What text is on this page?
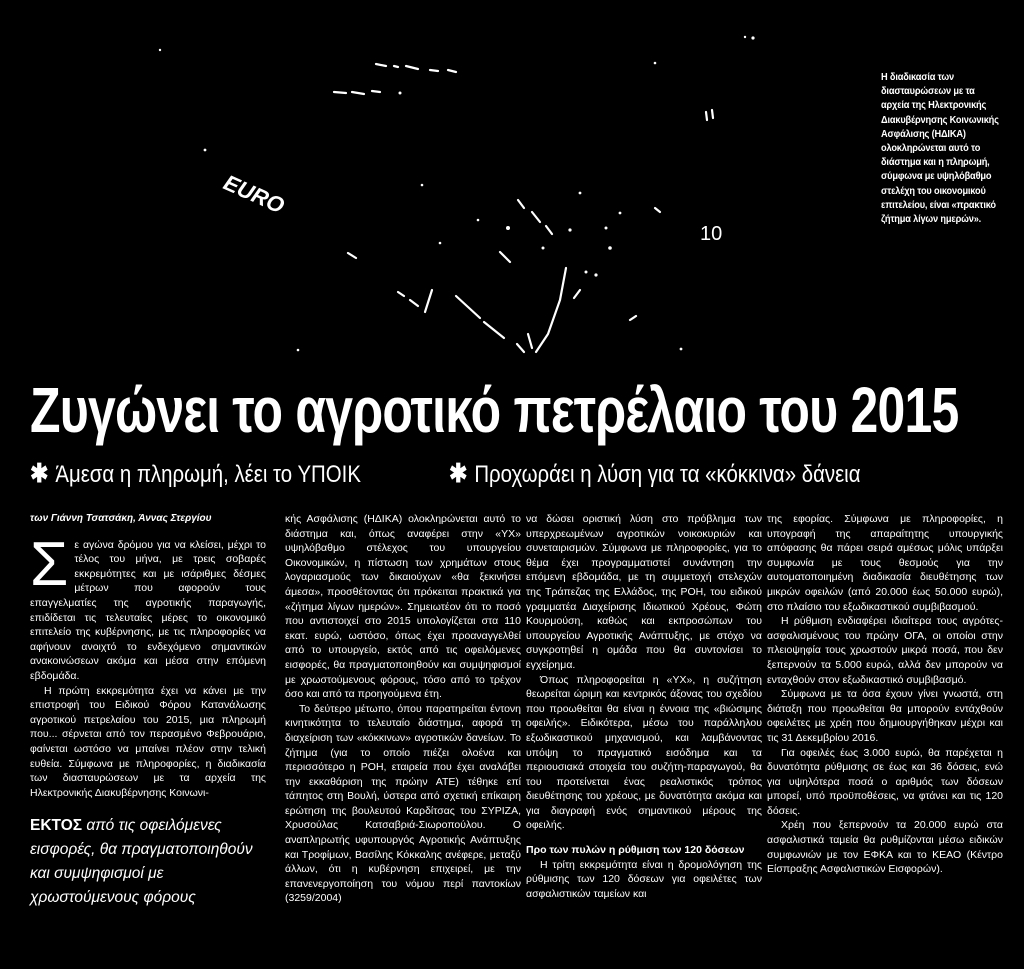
EURO
10
Η διαδικασία των διασταυρώσεων με τα αρχεία της Ηλεκτρονικής Διακυβέρνησης Κοινωνικής Ασφάλισης (ΗΔΙΚΑ) ολοκληρώνεται αυτό το διάστημα και η πληρωμή, σύμφωνα με υψηλόβαθμο στελέχη του οικονομικού επιτελείου, είναι «πρακτικό ζήτημα λίγων ημερών».
Ζυγώνει το αγροτικό πετρέλαιο του 2015
✱ Άμεσα η πληρωμή, λέει το ΥΠΟΙΚ	✱ Προχωράει η λύση για τα «κόκκινα» δάνεια

των Γιάννη Τσατσάκη, Άννας Στεργίου

Σε αγώνα δρόμου για να κλείσει, μέχρι το τέλος του μήνα, με τρεις σοβαρές εκκρεμότητες και με ισάριθμες δέσμες μέτρων που αφορούν τους επαγγελματίες της αγροτικής παραγωγής, επιδίδεται τις τελευταίες μέρες το οικονομικό επιτελείο της κυβέρνησης, με τις πληροφορίες να αφήνουν ανοιχτό το ενδεχόμενο σημαντικών ανακοινώσεων ακόμα και μέσα στην επόμενη εβδομάδα.

Η πρώτη εκκρεμότητα έχει να κάνει με την επιστροφή του Ειδικού Φόρου Κατανάλωσης αγροτικού πετρελαίου του 2015, μια πληρωμή που... σέρνεται από τον περασμένο Φεβρουάριο, φαίνεται ωστόσο να μπαίνει πλέον στην τελική ευθεία. Σύμφωνα με πληροφορίες, η διαδικασία των διασταυρώσεων με τα αρχεία της Ηλεκτρονικής Διακυβέρνησης Κοινωνι-

ΕΚΤΟΣ από τις οφειλόμενες εισφορές, θα πραγματοποιηθούν και συμψηφισμοί με χρωστούμενους φόρους

κής Ασφάλισης (ΗΔΙΚΑ) ολοκληρώνεται αυτό το διάστημα και, όπως αναφέρει στην «ΥΧ» υψηλόβαθμο στέλεχος του υπουργείου Οικονομικών, η πίστωση των χρημάτων στους λογαριασμούς των δικαιούχων «θα ξεκινήσει άμεσα», προσθέτοντας ότι πρόκειται πρακτικά για «ζήτημα λίγων ημερών». Σημειωτέον ότι το ποσό που αντιστοιχεί στο 2015 υπολογίζεται στα 110 εκατ. ευρώ, ωστόσο, όπως έχει προαναγγελθεί από το υπουργείο, εκτός από τις οφειλόμενες εισφορές, θα πραγματοποιηθούν και συμψηφισμοί με χρωστούμενους φόρους, τόσο από το τρέχον όσο και από τα προηγούμενα έτη.

Το δεύτερο μέτωπο, όπου παρατηρείται έντονη κινητικότητα το τελευταίο διάστημα, αφορά τη διαχείριση των «κόκκινων» αγροτικών δανείων. Το ζήτημα (για το οποίο πιέζει ολοένα και περισσότερο η ΡΟΗ, εταιρεία που έχει αναλάβει την εκκαθάριση της πρώην ΑΤΕ) τέθηκε επί τάπητος στη Βουλή, ύστερα από σχετική επίκαιρη ερώτηση της βουλευτού Καρδίτσας του ΣΥΡΙΖΑ, Χρυσούλας Κατσαβριά-Σιωροπούλου. Ο αναπληρωτής υφυπουργός Αγροτικής Ανάπτυξης και Τροφίμων, Βασίλης Κόκκαλης ανέφερε, μεταξύ άλλων, ότι η κυβέρνηση επιχειρεί, με την επανενεργοποίηση του νόμου περί παντοκίων (3259/2004)

να δώσει οριστική λύση στο πρόβλημα των υπερχρεωμένων αγροτικών νοικοκυριών και συνεταιρισμών. Σύμφωνα με πληροφορίες, για το θέμα έχει προγραμματιστεί συνάντηση την επόμενη εβδομάδα, με τη συμμετοχή στελεχών της Τράπεζας της Ελλάδος, της ΡΟΗ, του ειδικού γραμματέα Διαχείρισης Ιδιωτικού Χρέους, Φώτη Κουρμούση, καθώς και εκπροσώπων του υπουργείου Αγροτικής Ανάπτυξης, με στόχο να συγκροτηθεί η ομάδα που θα συντονίσει το εγχείρημα.

Όπως πληροφορείται η «ΥΧ», η συζήτηση θεωρείται ώριμη και κεντρικός άξονας του σχεδίου που προωθείται θα είναι η έννοια της «βιώσιμης οφειλής». Ειδικότερα, μέσω του παράλληλου εξωδικαστικού μηχανισμού, και λαμβάνοντας υπόψη το πραγματικό εισόδημα και τα περιουσιακά στοιχεία του συζήτη-παραγωγού, θα του προτείνεται ένας ρεαλιστικός τρόπος διευθέτησης του χρέους, με δυνατότητα ακόμα και για διαγραφή ενός σημαντικού μέρους της οφειλής.

Προ των πυλών η ρύθμιση των 120 δόσεων

Η τρίτη εκκρεμότητα είναι η δρομολόγηση της ρύθμισης των 120 δόσεων για οφειλέτες των ασφαλιστικών ταμείων και

της εφορίας. Σύμφωνα με πληροφορίες, η υπογραφή της απαραίτητης υπουργικής απόφασης θα πάρει σειρά αμέσως μόλις υπάρξει συμφωνία με τους θεσμούς για την αυτοματοποιημένη διαδικασία διευθέτησης των μικρών οφειλών (από 20.000 έως 50.000 ευρώ), στο πλαίσιο του εξωδικαστικού συμβιβασμού.

Η ρύθμιση ενδιαφέρει ιδιαίτερα τους αγρότες-ασφαλισμένους του πρώην ΟΓΑ, οι οποίοι στην πλειοψηφία τους χρωστούν μικρά ποσά, που δεν ξεπερνούν τα 5.000 ευρώ, αλλά δεν μπορούν να ενταχθούν στον εξωδικαστικό συμβιβασμό.

Σύμφωνα με τα όσα έχουν γίνει γνωστά, στη διάταξη που προωθείται θα μπορούν εντάχθούν οφειλέτες με χρέη που δημιουργήθηκαν μέχρι και τις 31 Δεκεμβρίου 2016.

Για οφειλές έως 3.000 ευρώ, θα παρέχεται η δυνατότητα ρύθμισης σε έως και 36 δόσεις, ενώ για υψηλότερα ποσά ο αριθμός των δόσεων μπορεί, υπό προϋποθέσεις, να φτάνει και τις 120 δόσεις.

Χρέη που ξεπερνούν τα 20.000 ευρώ στα ασφαλιστικά ταμεία θα ρυθμίζονται μέσω ειδικών συμφωνιών με τον ΕΦΚΑ και το ΚΕΑΟ (Κέντρο Είσπραξης Ασφαλιστικών Εισφορών).
